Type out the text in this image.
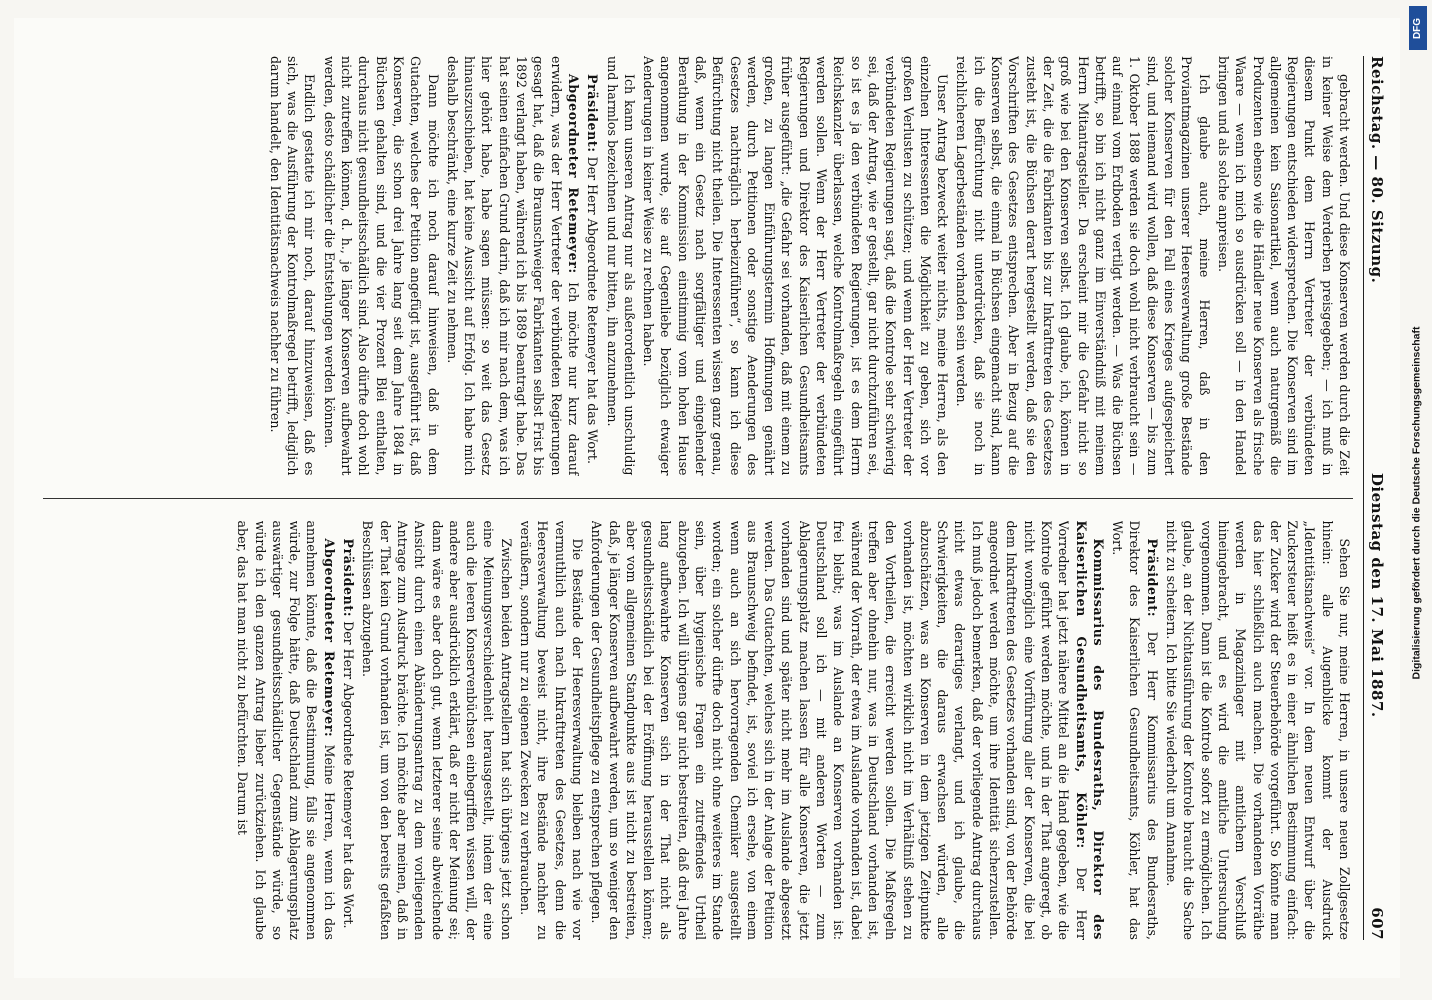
Reichstag. — 80. Sitzung.
Dienstag den 17. Mai 1887.
607

gebracht werden. Und diese Konserven werden durch die Zeit in keiner Weise dem Verderben preisgegeben; — ich muß in diesem Punkt dem Herrn Vertreter der verbündeten Regierungen entschieden widersprechen. Die Konserven sind im allgemeinen kein Saisonartikel, wenn auch naturgemäß die Produzenten ebenso wie die Händler neue Konserven als frische Waare — wenn ich mich so ausdrücken soll — in den Handel bringen und als solche anpreisen.

Ich glaube auch, meine Herren, daß in den Proviantmagazinen unserer Heeresverwaltung große Bestände solcher Konserven für den Fall eines Krieges aufgespeichert sind, und niemand wird wollen, daß diese Konserven — bis zum 1. Oktober 1888 werden sie doch wohl nicht verbraucht sein — auf einmal vom Erdboden vertilgt werden. — Was die Büchsen betrifft, so bin ich nicht ganz im Einverständniß mit meinem Herrn Mitantragsteller. Da erscheint mir die Gefahr nicht so groß wie bei den Konserven selbst. Ich glaube, ich, können in der Zeit, die die Fabrikanten bis zur Inkrafttreten des Gesetzes zusteht ist, die Büchsen derart hergestellt werden, daß sie den Vorschriften des Gesetzes entsprechen. Aber in Bezug auf die Konserven selbst, die einmal in Büchsen eingemacht sind, kann ich die Befürchtung nicht unterdrücken, daß sie noch in reichlicheren Lagerbeständen vorhanden sein werden.

Unser Antrag bezweckt weiter nichts, meine Herren, als den einzelnen Interessenten die Möglichkeit zu geben, sich vor großen Verlusten zu schützen; und wenn der Herr Vertreter der verbündeten Regierungen sagt, daß die Kontrole sehr schwierig sei, daß der Antrag, wie er gestellt, gar nicht durchzuführen sei, so ist es ja den verbündeten Regierungen, ist es dem Herrn Reichskanzler überlassen, welche Kontrolmaßregeln eingeführt werden sollen. Wenn der Herr Vertreter der verbündeten Regierungen und Direktor des Kaiserlichen Gesundheitsamts früher ausgeführt: „die Gefahr sei vorhanden, daß mit einem zu großen, zu langen Einführungstermin Hoffnungen genährt werden, durch Petitionen oder sonstige Aenderungen des Gesetzes nachträglich herbeizuführen“, so kann ich diese Befürchtung nicht theilen. Die Interessenten wissen ganz genau, daß, wenn ein Gesetz nach sorgfältiger und eingehender Berathung in der Kommission einstimmig vom hohen Hause angenommen wurde, sie auf Gegenliebe bezüglich etwaiger Aenderungen in keiner Weise zu rechnen haben.

Ich kann unseren Antrag nur als außerordentlich unschuldig und harmlos bezeichnen und nur bitten, ihn anzunehmen.

Präsident: Der Herr Abgeordnete Retemeyer hat das Wort.

Abgeordneter Retemeyer: Ich möchte nur kurz darauf erwidern, was der Herr Vertreter der verbündeten Regierungen gesagt hat, daß die Braunschweiger Fabrikanten selbst Frist bis 1892 verlangt haben, während ich bis 1889 beantragt habe. Das hat seinen einfachen Grund darin, daß ich mir nach dem, was ich hier gehört habe, habe sagen müssen: so weit das Gesetz hinauszuschieben, hat keine Aussicht auf Erfolg. Ich habe mich deshalb beschränkt, eine kurze Zeit zu nehmen.

Dann möchte ich noch darauf hinweisen, daß in dem Gutachten, welches der Petition angefügt ist, ausgeführt ist, daß Konserven, die schon drei Jahre lang seit dem Jahre 1884 in Büchsen gehalten sind, und die vier Prozent Blei enthalten, durchaus nicht gesundheitsschädlich sind. Also dürfte doch wohl nicht zutreffen können, d. h., je länger Konserven aufbewahrt werden, desto schädlicher die Entstehungen werden können.

Endlich gestatte ich mir noch, darauf hinzuweisen, daß es sich, was die Ausführung der Kontrolmaßregel betrifft, lediglich darum handelt, den Identitätsnachweis nachher zu führen.

Sehen Sie nur, meine Herren, in unsere neuen Zollgesetze hinein: alle Augenblicke kommt der Ausdruck „Identitätsnachweis“ vor. In dem neuen Entwurf über die Zuckersteuer heißt es in einer ähnlichen Bestimmung einfach: der Zucker wird der Steuerbehörde vorgeführt. So könnte man das hier schließlich auch machen. Die vorhandenen Vorräthe werden in Magazinlager mit amtlichem Verschluß hineingebracht, und es wird die amtliche Untersuchung vorgenommen. Dann ist die Kontrole sofort zu ermöglichen. Ich glaube, an der Nichtausführung der Kontrole braucht die Sache nicht zu scheitern. Ich bitte Sie wiederholt um Annahme.

Präsident: Der Herr Kommissarius des Bundesraths, Direktor des Kaiserlichen Gesundheitsamts, Köhler, hat das Wort.

Kommissarius des Bundesraths, Direktor des Kaiserlichen Gesundheitsamts, Köhler: Der Herr Vorredner hat jetzt nähere Mittel an die Hand gegeben, wie die Kontrole geführt werden möchte, und in der That angeregt, ob nicht womöglich eine Vorführung aller der Konserven, die bei dem Inkrafttreten des Gesetzes vorhanden sind, von der Behörde angeordnet werden möchte, um ihre Identität sicherzustellen. Ich muß jedoch bemerken, daß der vorliegende Antrag durchaus nicht etwas derartiges verlangt, und ich glaube, die Schwierigkeiten, die daraus erwachsen würden, alle abzuschätzen, was an Konserven in dem jetzigen Zeitpunkte vorhanden ist, möchten wirklich nicht im Verhältniß stehen zu den Vortheilen, die erreicht werden sollen. Die Maßregeln treffen aber ohnehin nur, was in Deutschland vorhanden ist, während der Vorrath, der etwa im Auslande vorhanden ist, dabei frei bleibt; was im Auslande an Konserven vorhanden ist: Deutschland soll ich — mit anderen Worten — zum Ablagerungsplatz machen lassen für alle Konserven, die jetzt vorhanden sind und später nicht mehr im Auslande abgesetzt werden. Das Gutachten, welches sich in der Anlage der Petition aus Braunschweig befindet, ist, soviel ich ersehe, von einem wenn auch an sich hervorragenden Chemiker ausgestellt worden; ein solcher dürfte doch nicht ohne weiteres im Stande sein, über hygienische Fragen ein zutreffendes Urtheil abzugeben. Ich will übrigens gar nicht bestreiten, daß drei Jahre lang aufbewahrte Konserven sich in der That nicht als gesundheitsschädlich bei der Eröffnung herausstellen können; aber vom allgemeinen Standpunkte aus ist nicht zu bestreiten, daß, je länger Konserven aufbewahrt werden, um so weniger den Anforderungen der Gesundheitspflege zu entsprechen pflegen.

Die Bestände der Heeresverwaltung bleiben nach wie vor vermuthlich auch nach Inkrafttreten des Gesetzes, denn die Heeresverwaltung beweist nicht, ihre Bestände nachher zu veräußern, sondern nur zu eigenen Zwecken zu verbrauchen.

Zwischen beiden Antragstellern hat sich übrigens jetzt schon eine Meinungsverschiedenheit herausgestellt, indem der eine auch die leeren Konservenbüchsen einbegriffen wissen will, der andere aber ausdrücklich erklärt, daß er nicht der Meinung sei; dann wäre es aber doch gut, wenn letzterer seine abweichende Ansicht durch einen Abänderungsantrag zu dem vorliegenden Antrage zum Ausdruck brächte. Ich möchte aber meinen, daß in der That kein Grund vorhanden ist, um von den bereits gefaßten Beschlüssen abzugehen.

Präsident: Der Herr Abgeordnete Retemeyer hat das Wort.

Abgeordneter Retemeyer: Meine Herren, wenn ich das annehmen könnte, daß die Bestimmung, falls sie angenommen würde, zur Folge hätte, daß Deutschland zum Ablagerungsplatz auswärtiger gesundheitsschädlicher Gegenstände würde, so würde ich den ganzen Antrag lieber zurückziehen. Ich glaube aber, das hat man nicht zu befürchten. Darum ist	Digitalisierung gefördert durch die Deutsche Forschungsgemeinschaft
DFG
